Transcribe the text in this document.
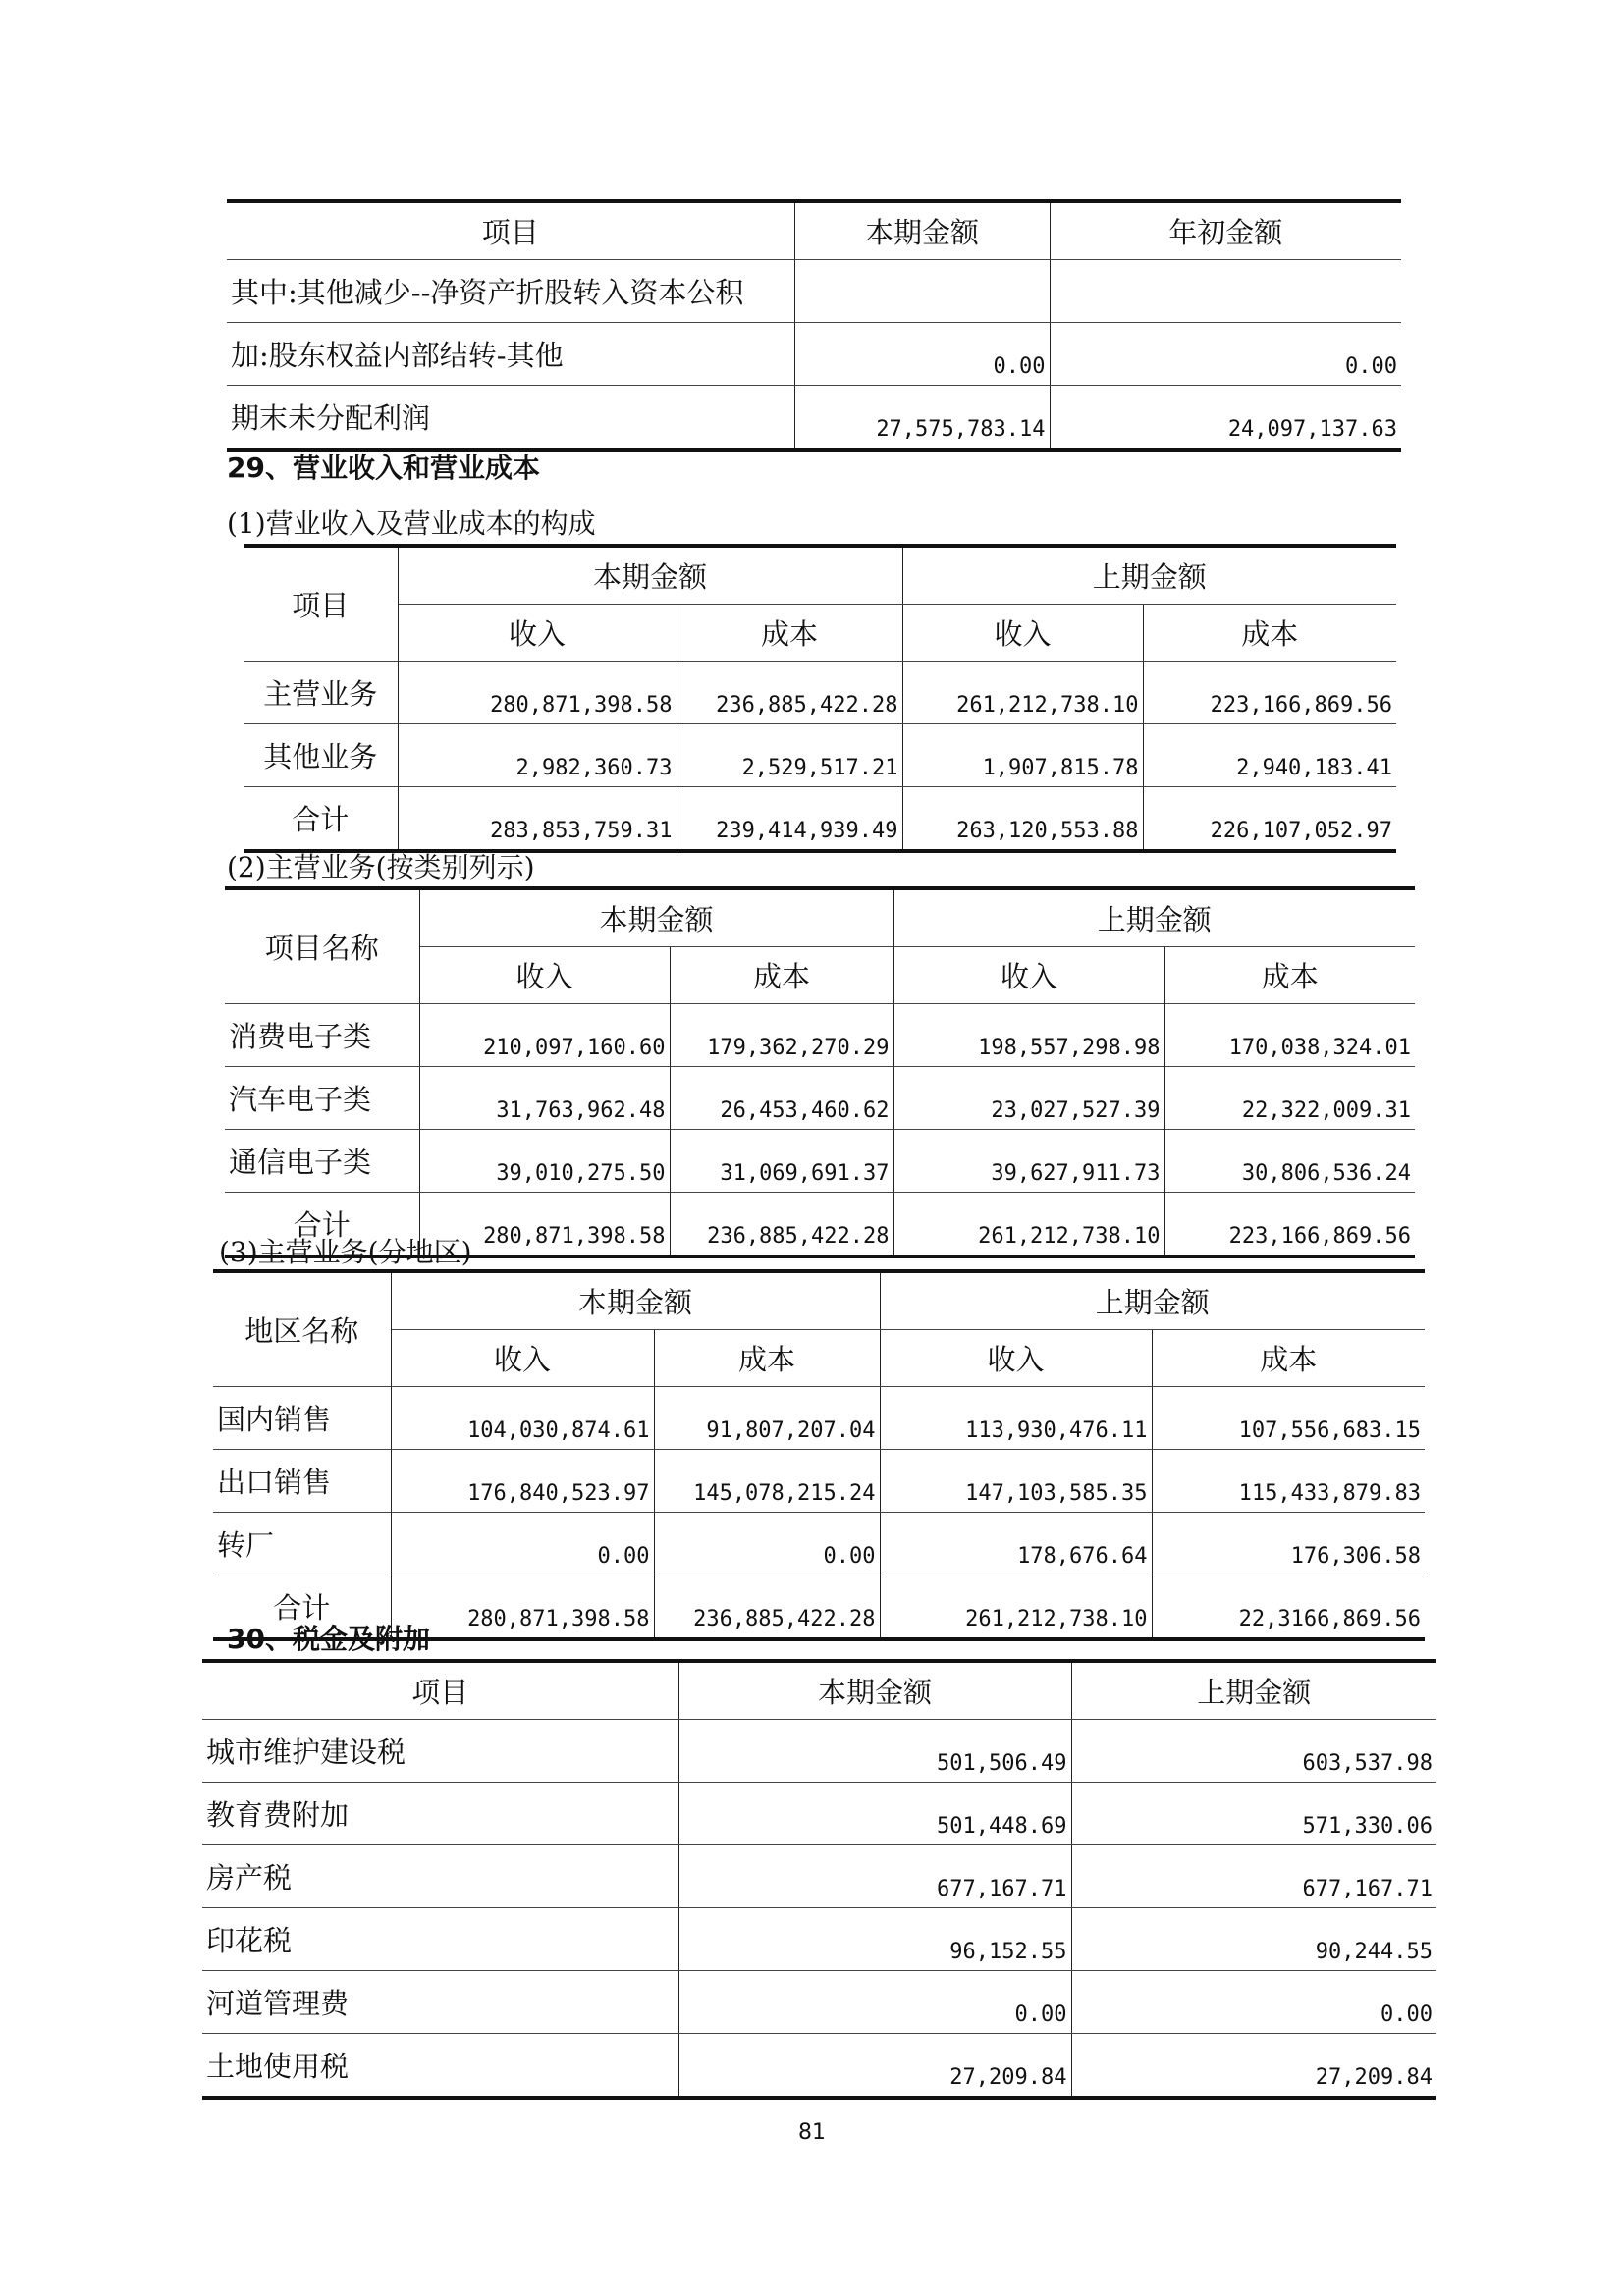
项目	本期金额	年初金额
其中:其他减少--净资产折股转入资本公积		
加:股东权益内部结转-其他	0.00	0.00
期末未分配利润	27,575,783.14	24,097,137.63
29、营业收入和营业成本
(1)营业收入及营业成本的构成
项目	本期金额		上期金额	
	收入	成本	收入	成本
主营业务	280,871,398.58	236,885,422.28	261,212,738.10	223,166,869.56
其他业务	2,982,360.73	2,529,517.21	1,907,815.78	2,940,183.41
合计	283,853,759.31	239,414,939.49	263,120,553.88	226,107,052.97
(2)主营业务(按类别列示)
项目名称	本期金额		上期金额	
	收入	成本	收入	成本
消费电子类	210,097,160.60	179,362,270.29	198,557,298.98	170,038,324.01
汽车电子类	31,763,962.48	26,453,460.62	23,027,527.39	22,322,009.31
通信电子类	39,010,275.50	31,069,691.37	39,627,911.73	30,806,536.24
合计	280,871,398.58	236,885,422.28	261,212,738.10	223,166,869.56
(3)主营业务(分地区)
地区名称	本期金额		上期金额	
	收入	成本	收入	成本
国内销售	104,030,874.61	91,807,207.04	113,930,476.11	107,556,683.15
出口销售	176,840,523.97	145,078,215.24	147,103,585.35	115,433,879.83
转厂	0.00	0.00	178,676.64	176,306.58
合计	280,871,398.58	236,885,422.28	261,212,738.10	22,3166,869.56
30、税金及附加
项目	本期金额	上期金额
城市维护建设税	501,506.49	603,537.98
教育费附加	501,448.69	571,330.06
房产税	677,167.71	677,167.71
印花税	96,152.55	90,244.55
河道管理费	0.00	0.00
土地使用税	27,209.84	27,209.84
81
